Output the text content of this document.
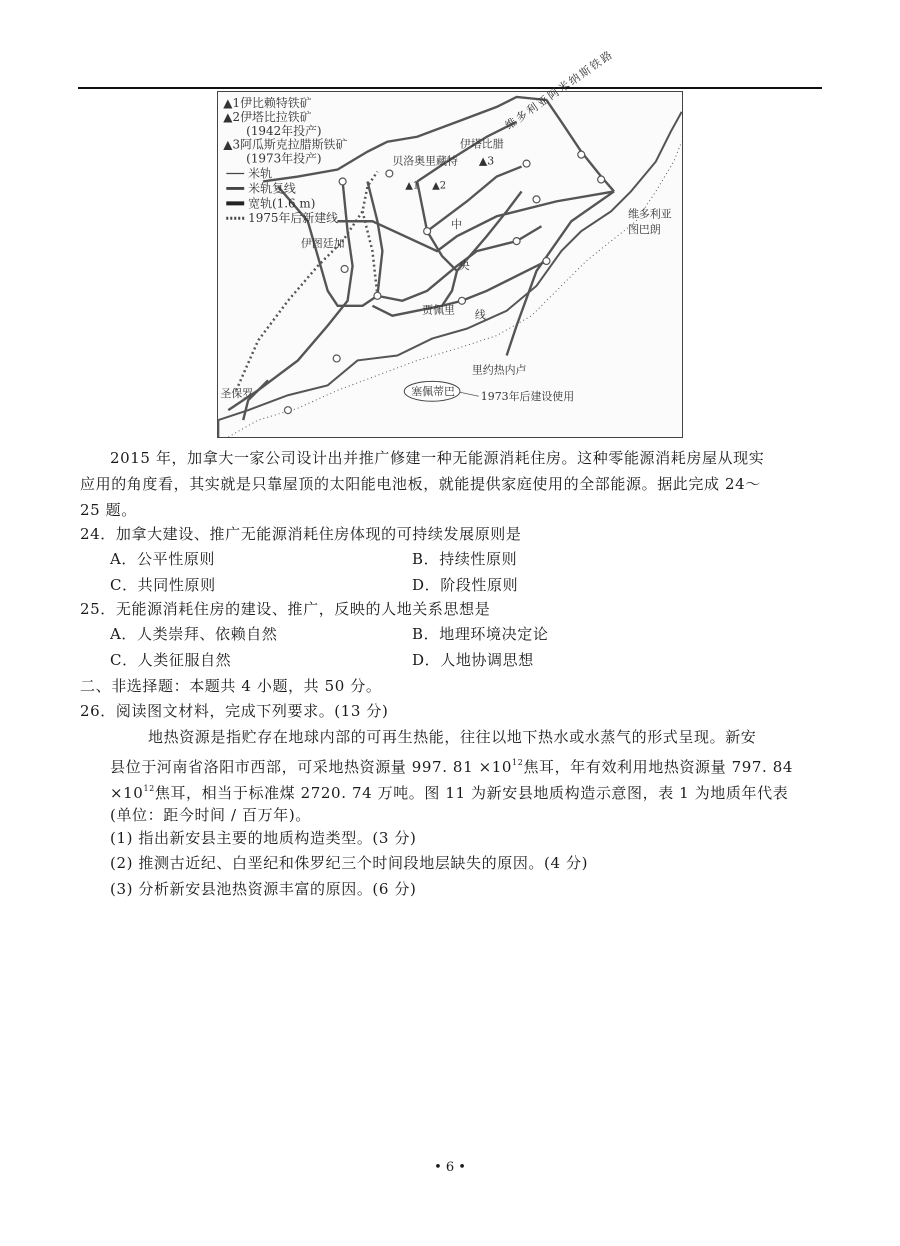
▲1伊比赖特铁矿
▲2伊塔比拉铁矿
(1942年投产)
▲3阿瓜斯克拉腊斯铁矿
(1973年投产)
米轨
米轨复线
宽轨(1.6 m)
1975年后新建线
贝洛奥里藏特 ▲3
伊塔比腊
▲1 ▲2
维多利亚阿米纳斯铁路
维多利亚
图巴朗
伊图廷加
中
央
线
贾佩里
里约热内卢
塞佩蒂巴 1973年后建设使用
圣保罗
2015 年，加拿大一家公司设计出并推广修建一种无能源消耗住房。这种零能源消耗房屋从现实
应用的角度看，其实就是只靠屋顶的太阳能电池板，就能提供家庭使用的全部能源。据此完成 24～
25 题。
24．加拿大建设、推广无能源消耗住房体现的可持续发展原则是
A．公平性原则	B．持续性原则
C．共同性原则	D．阶段性原则
25．无能源消耗住房的建设、推广，反映的人地关系思想是
A．人类崇拜、依赖自然	B．地理环境决定论
C．人类征服自然	D．人地协调思想
二、非选择题：本题共 4 小题，共 50 分。
26．阅读图文材料，完成下列要求。(13 分)
地热资源是指贮存在地球内部的可再生热能，往往以地下热水或水蒸气的形式呈现。新安
县位于河南省洛阳市西部，可采地热资源量 997. $81 \times 10^{12}$焦耳，年有效利用地热资源量 797. 84
$\times 10^{12}$焦耳，相当于标准煤 2720. 74 万吨。图 11 为新安县地质构造示意图，表 1 为地质年代表
(单位：距今时间 / 百万年)。
(1) 指出新安县主要的地质构造类型。(3 分)
(2) 推测古近纪、白垩纪和侏罗纪三个时间段地层缺失的原因。(4 分)
(3) 分析新安县池热资源丰富的原因。(6 分)
• 6 •
